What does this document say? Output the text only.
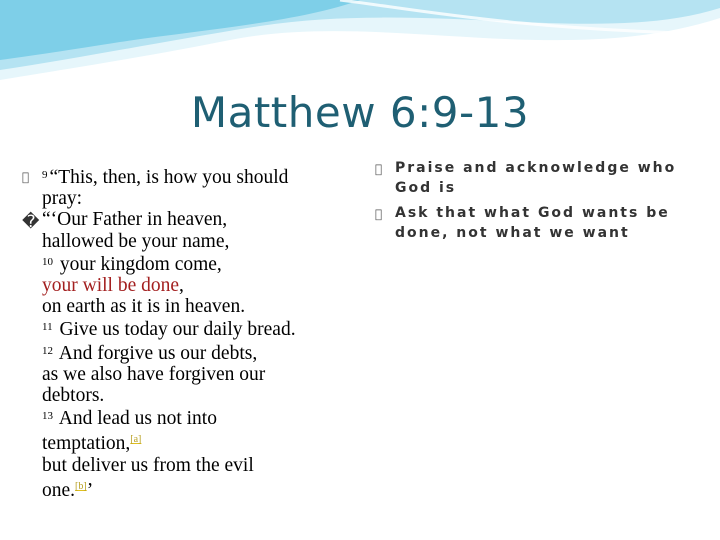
Matthew 6:9-13
�
$^9$ “This, then, is how you should
pray:
“‘Our Father in heaven,
hallowed be your name,
$^{10}$ your kingdom come,
your will be done,
on earth as it is in heaven.
$^{11}$ Give us today our daily bread.
$^{12}$ And forgive us our debts,
as we also have forgiven our
debtors.
$^{13}$ And lead us not into
temptation,[a]
but deliver us from the evil
one.[b]’
Praise and acknowledge who God is
Ask that what God wants be done, not what we want
